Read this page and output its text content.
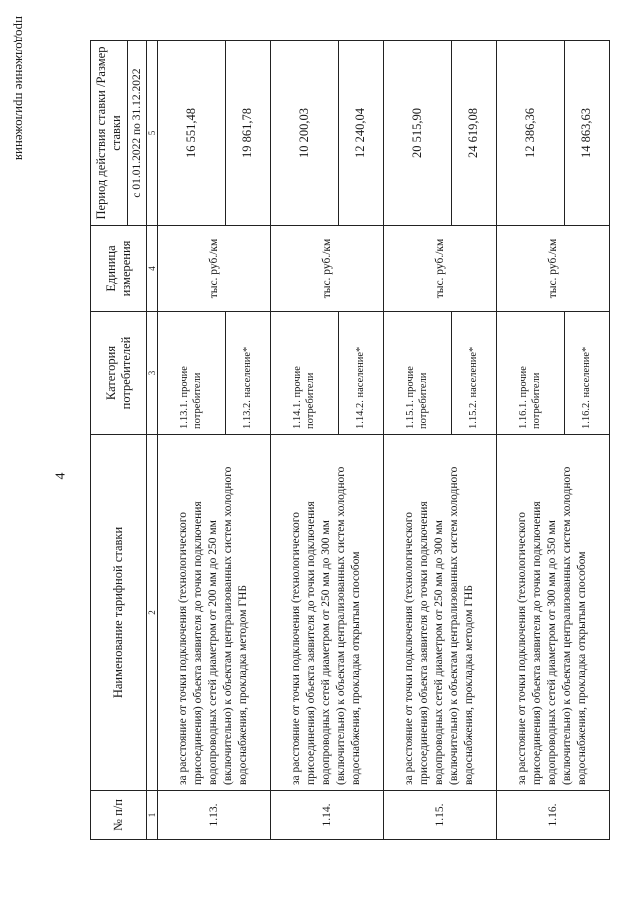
4
продолжение приложения
№ п/п	Наименование тарифной ставки	Категория потребителей	Единица измерения	Период действия ставки /Размер ставки
				с 01.01.2022 по 31.12.2022
1	2	3	4	5
1.13.	за расстояние от точки подключения (технологического присоединения) объекта заявителя до точки подключения водопроводных сетей диаметром от 200 мм до 250 мм (включительно) к объектам централизованных систем холодного водоснабжения, прокладка методом ГНБ	1.13.1. прочие потребители	тыс. руб./км	16 551,48
		1.13.2. население*		19 861,78
1.14.	за расстояние от точки подключения (технологического присоединения) объекта заявителя до точки подключения водопроводных сетей диаметром от 250 мм до 300 мм (включительно) к объектам централизованных систем холодного водоснабжения, прокладка открытым способом	1.14.1. прочие потребители	тыс. руб./км	10 200,03
		1.14.2. население*		12 240,04
1.15.	за расстояние от точки подключения (технологического присоединения) объекта заявителя до точки подключения водопроводных сетей диаметром от 250 мм до 300 мм (включительно) к объектам централизованных систем холодного водоснабжения, прокладка методом ГНБ	1.15.1. прочие потребители	тыс. руб./км	20 515,90
		1.15.2. население*		24 619,08
1.16.	за расстояние от точки подключения (технологического присоединения) объекта заявителя до точки подключения водопроводных сетей диаметром от 300 мм до 350 мм (включительно) к объектам централизованных систем холодного водоснабжения, прокладка открытым способом	1.16.1. прочие потребители	тыс. руб./км	12 386,36
		1.16.2. население*		14 863,63
